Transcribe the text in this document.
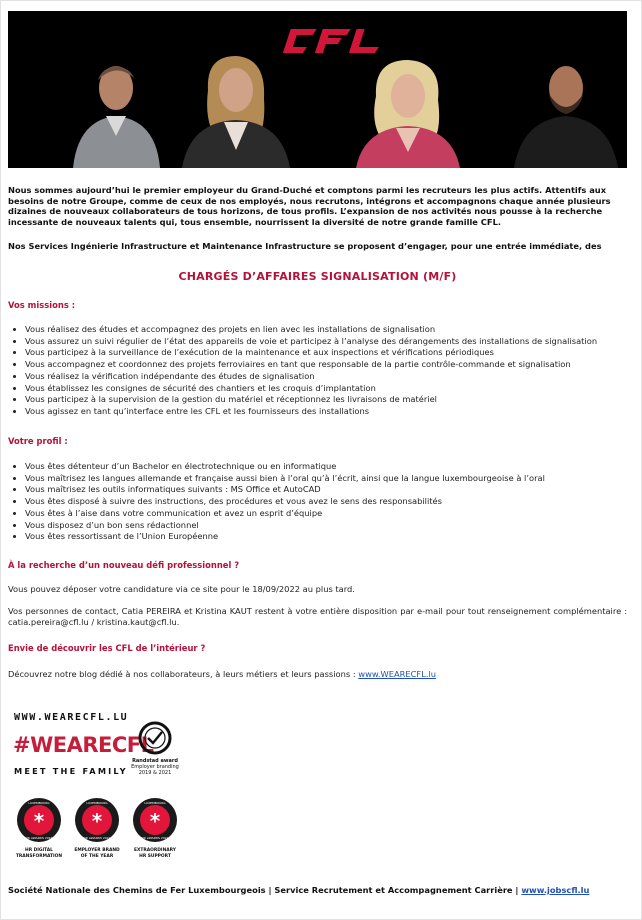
Nous sommes aujourd’hui le premier employeur du Grand-Duché et comptons parmi les recruteurs les plus actifs. Attentifs aux besoins de notre Groupe, comme de ceux de nos employés, nous recrutons, intégrons et accompagnons chaque année plusieurs dizaines de nouveaux collaborateurs de tous horizons, de tous profils. L’expansion de nos activités nous pousse à la recherche incessante de nouveaux talents qui, tous ensemble, nourrissent la diversité de notre grande famille CFL.

Nos Services Ingénierie Infrastructure et Maintenance Infrastructure se proposent d’engager, pour une entrée immédiate, des

CHARGÉS D’AFFAIRES SIGNALISATION (M/F)
Vos missions :
• Vous réalisez des études et accompagnez des projets en lien avec les installations de signalisation
• Vous assurez un suivi régulier de l’état des appareils de voie et participez à l’analyse des dérangements des installations de signalisation
• Vous participez à la surveillance de l’exécution de la maintenance et aux inspections et vérifications périodiques
• Vous accompagnez et coordonnez des projets ferroviaires en tant que responsable de la partie contrôle-commande et signalisation
• Vous réalisez la vérification indépendante des études de signalisation
• Vous établissez les consignes de sécurité des chantiers et les croquis d’implantation
• Vous participez à la supervision de la gestion du matériel et réceptionnez les livraisons de matériel
• Vous agissez en tant qu’interface entre les CFL et les fournisseurs des installations
Votre profil :
• Vous êtes détenteur d’un Bachelor en électrotechnique ou en informatique
• Vous maîtrisez les langues allemande et française aussi bien à l’oral qu’à l’écrit, ainsi que la langue luxembourgeoise à l’oral
• Vous maîtrisez les outils informatiques suivants : MS Office et AutoCAD
• Vous êtes disposé à suivre des instructions, des procédures et vous avez le sens des responsabilités
• Vous êtes à l’aise dans votre communication et avez un esprit d’équipe
• Vous disposez d’un bon sens rédactionnel
• Vous êtes ressortissant de l’Union Européenne
À la recherche d’un nouveau défi professionnel ?

Vous pouvez déposer votre candidature via ce site pour le 18/09/2022 au plus tard.

Vos personnes de contact, Catia PEREIRA et Kristina KAUT restent à votre entière disposition par e-mail pour tout renseignement complémentaire : catia.pereira@cfl.lu / kristina.kaut@cfl.lu.

Envie de découvrir les CFL de l’intérieur ?

Découvrez notre blog dédié à nos collaborateurs, à leurs métiers et leurs passions : www.WEARECFL.lu

WWW.WEARECFL.LU
#WEARECFL
MEET THE FAMILY
Randstad award
Employer branding
2019 & 2021
LUXEMBOURG
HR AWARDS 2021
*
HR DIGITAL
TRANSFORMATION
LUXEMBOURG
HR AWARDS 2021
*
EMPLOYER BRAND
OF THE YEAR
LUXEMBOURG
HR AWARDS 2021
*
EXTRAORDINARY
HR SUPPORT

Société Nationale des Chemins de Fer Luxembourgeois | Service Recrutement et Accompagnement Carrière | www.jobscfl.lu
